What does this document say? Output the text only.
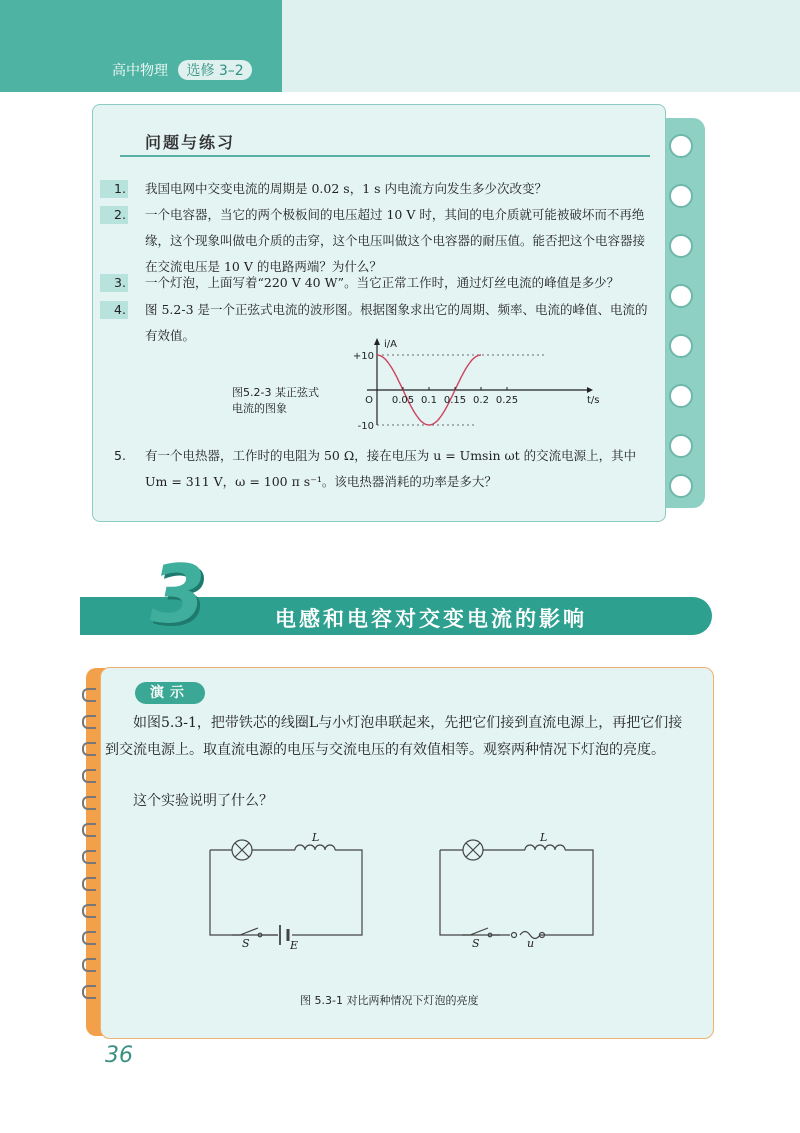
高中物理 选修 3–2
问题与练习
1. 我国电网中交变电流的周期是 0.02 s，1 s 内电流方向发生多少次改变？
2. 一个电容器，当它的两个极板间的电压超过 10 V 时，其间的电介质就可能被破坏而不再绝缘，这个现象叫做电介质的击穿，这个电压叫做这个电容器的耐压值。能否把这个电容器接在交流电压是 10 V 的电路两端？为什么？
3. 一个灯泡，上面写着“220 V 40 W”。当它正常工作时，通过灯丝电流的峰值是多少？
4. 图 5.2-3 是一个正弦式电流的波形图。根据图象求出它的周期、频率、电流的峰值、电流的有效值。
图5.2-3 某正弦式电流的图象
0.05 0.1 0.15 0.2 0.25
+10
-10
O
i/A
t/s
5. 有一个电热器，工作时的电阻为 50 Ω，接在电压为 u = Umsin ωt 的交流电源上，其中 Um = 311 V，ω = 100 π s⁻¹。该电热器消耗的功率是多大？
3	电感和电容对交变电流的影响
演示
如图5.3-1，把带铁芯的线圈L与小灯泡串联起来，先把它们接到直流电源上，再把它们接到交流电源上。取直流电源的电压与交流电压的有效值相等。观察两种情况下灯泡的亮度。
这个实验说明了什么？
L
S	E
L
S	u
图 5.3-1 对比两种情况下灯泡的亮度
36
